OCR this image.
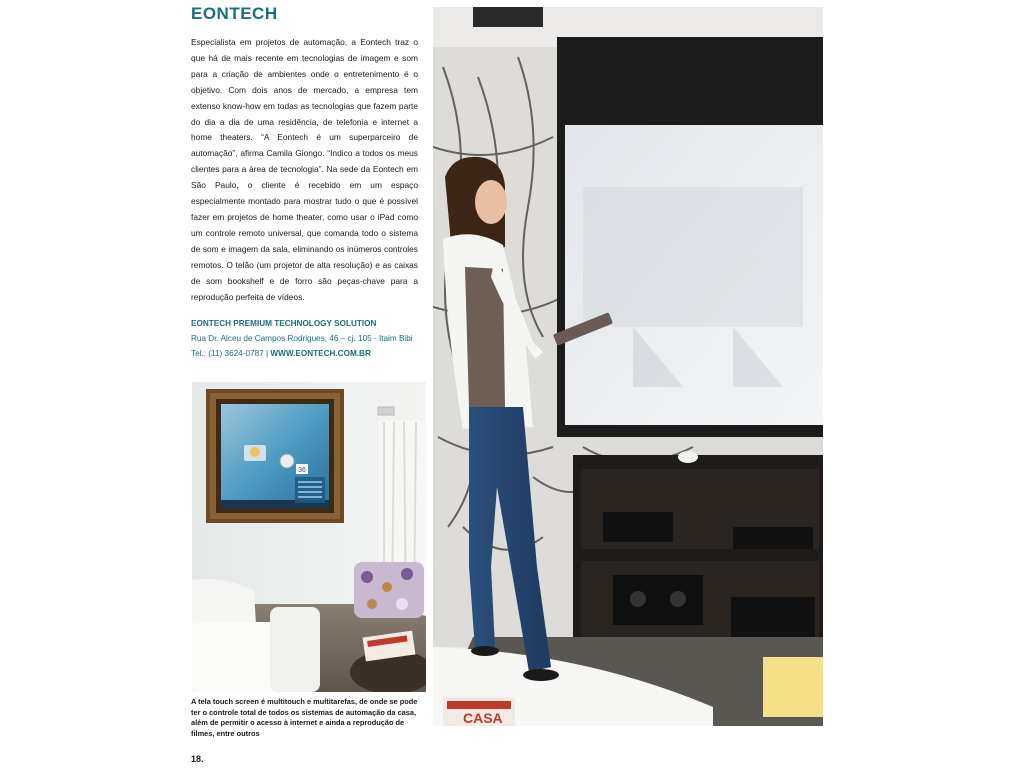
EONTECH

Especialista em projetos de automação, a Eontech traz o que há de mais recente em tecnologias de imagem e som para a criação de ambientes onde o entretenimento é o objetivo. Com dois anos de mercado, a empresa tem extenso know-how em todas as tecnologias que fazem parte do dia a dia de uma residência, de telefonia e internet a home theaters. “A Eontech é um superparceiro de automação”, afirma Camila Giongo. “Indico a todos os meus clientes para a área de tecnologia”. Na sede da Eontech em São Paulo, o cliente é recebido em um espaço especialmente montado para mostrar tudo o que é possível fazer em projetos de home theater, como usar o iPad como um controle remoto universal, que comanda todo o sistema de som e imagem da sala, eliminando os inúmeros controles remotos. O telão (um projetor de alta resolução) e as caixas de som bookshelf e de forro são peças-chave para a reprodução perfeita de vídeos.

EONTECH PREMIUM TECHNOLOGY SOLUTION
Rua Dr. Alceu de Campos Rodrigues, 46 – cj. 105 - Itaim Bibi
Tel.: (11) 3624-0787 | WWW.EONTECH.COM.BR
36

A tela touch screen é multitouch e multitarefas, de onde se pode ter o controle total de todos os sistemas de automação da casa, além de permitir o acesso à internet e ainda a reprodução de filmes, entre outros

CASA
18.
